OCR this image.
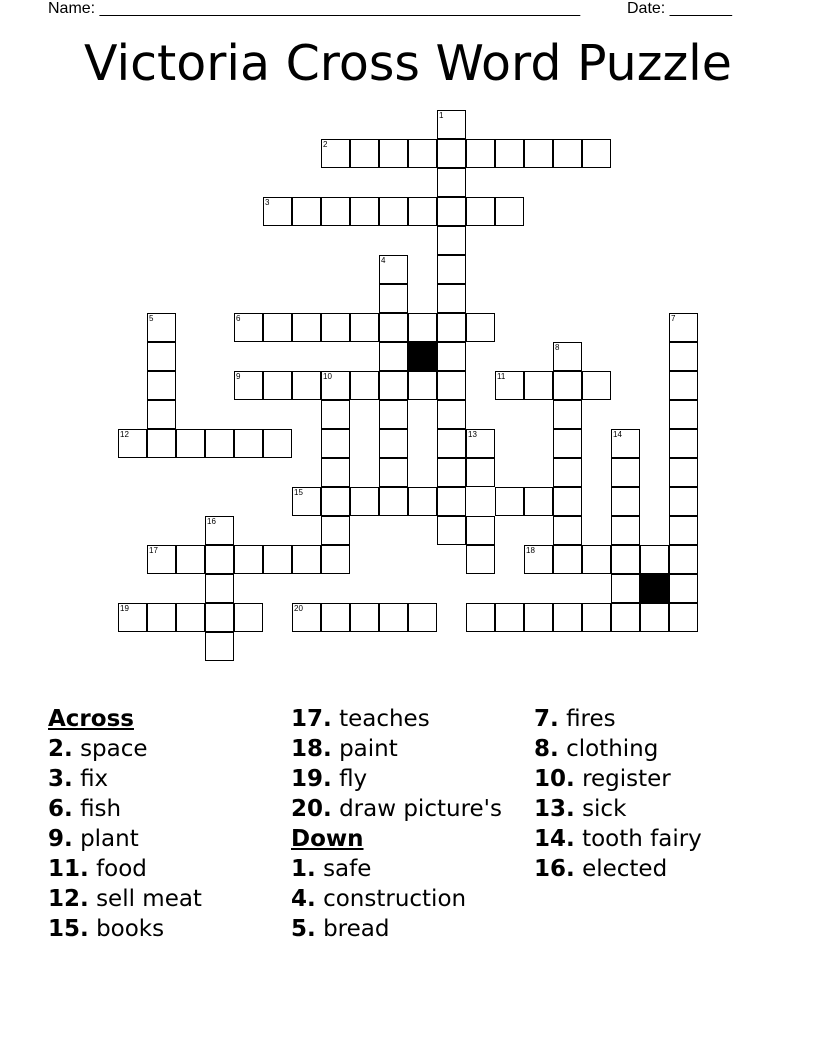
Name: ______________________________________________________	Date: _______
Victoria Cross Word Puzzle
1
2
3
4
5	6	7
8
9	10	11
12	13	14
15
16
17	18
19	20
Across
2. space
3. fix
6. fish
9. plant
11. food
12. sell meat
15. books
17. teaches
18. paint
19. fly
20. draw picture's
Down
1. safe
4. construction
5. bread
7. fires
8. clothing
10. register
13. sick
14. tooth fairy
16. elected
